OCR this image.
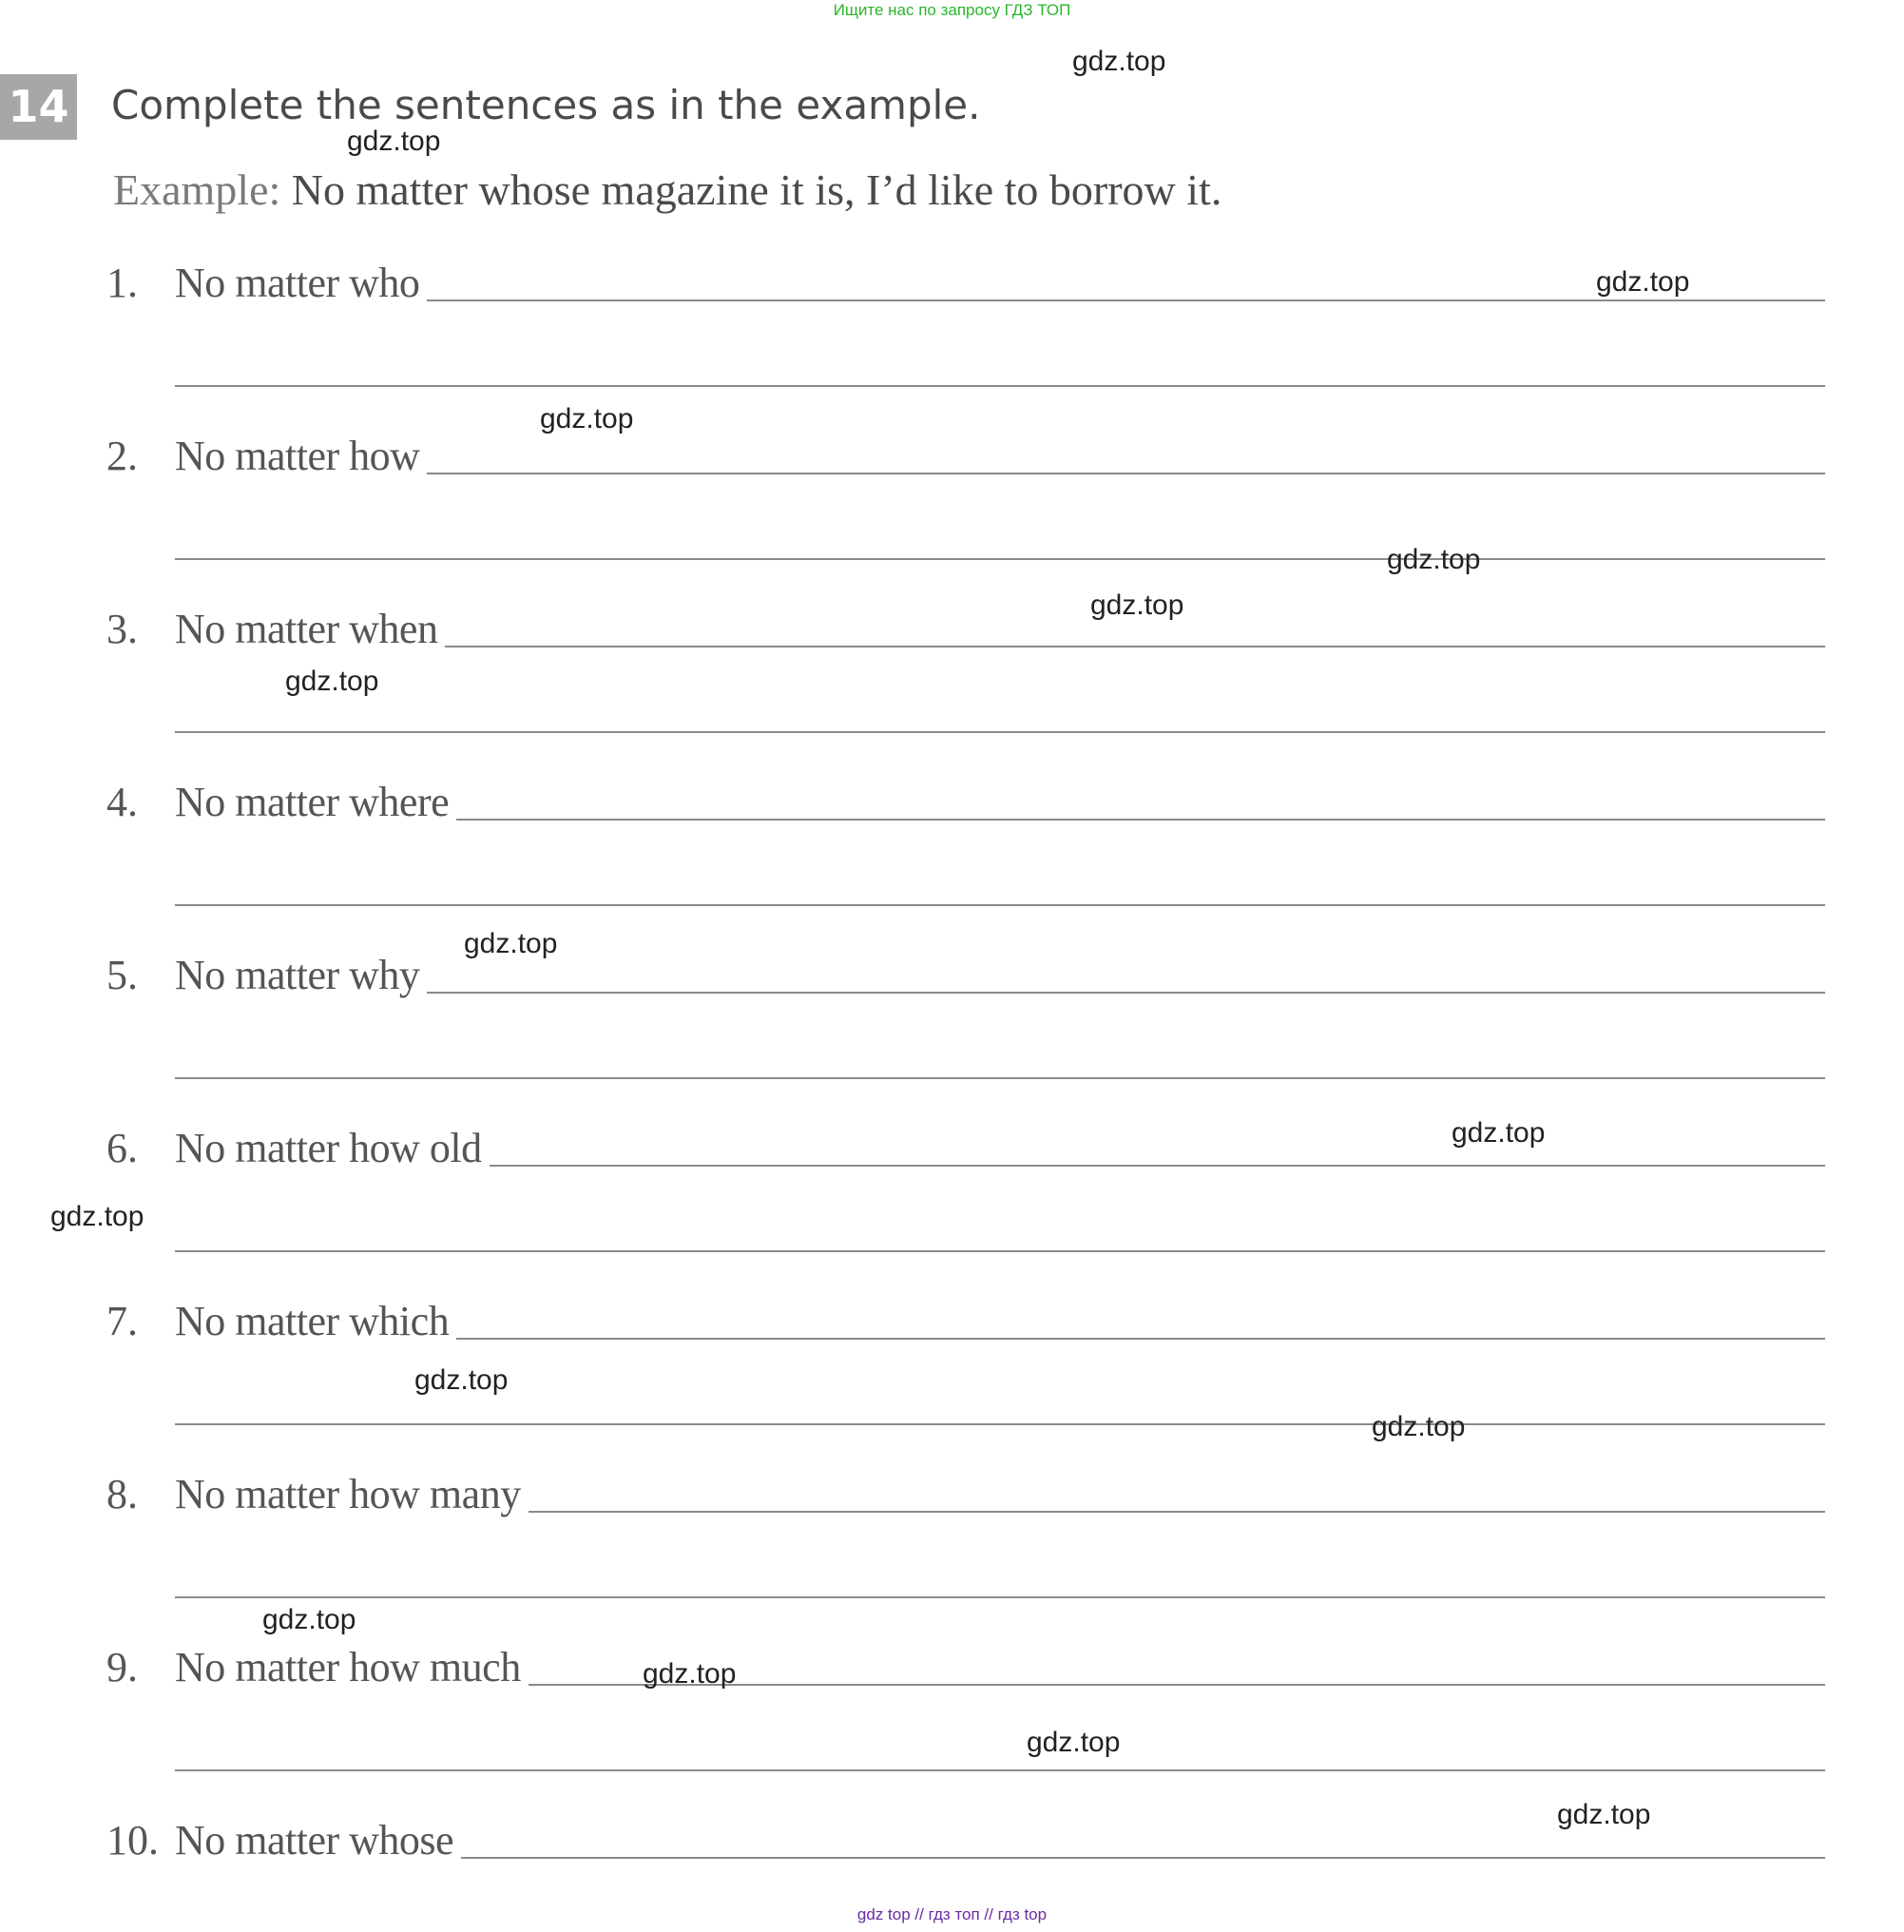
Ищите нас по запросу ГДЗ ТОП
14 Complete the sentences as in the example.
Example: No matter whose magazine it is, I’d like to borrow it.
1. No matter who
2. No matter how
3. No matter when
4. No matter where
5. No matter why
6. No matter how old
7. No matter which
8. No matter how many
9. No matter how much
10. No matter whose
gdz.top
gdz.top
gdz.top
gdz.top
gdz.top
gdz.top
gdz.top
gdz.top
gdz.top
gdz.top
gdz.top
gdz.top
gdz.top
gdz.top
gdz.top
gdz.top
gdz top // гдз топ // гдз top
